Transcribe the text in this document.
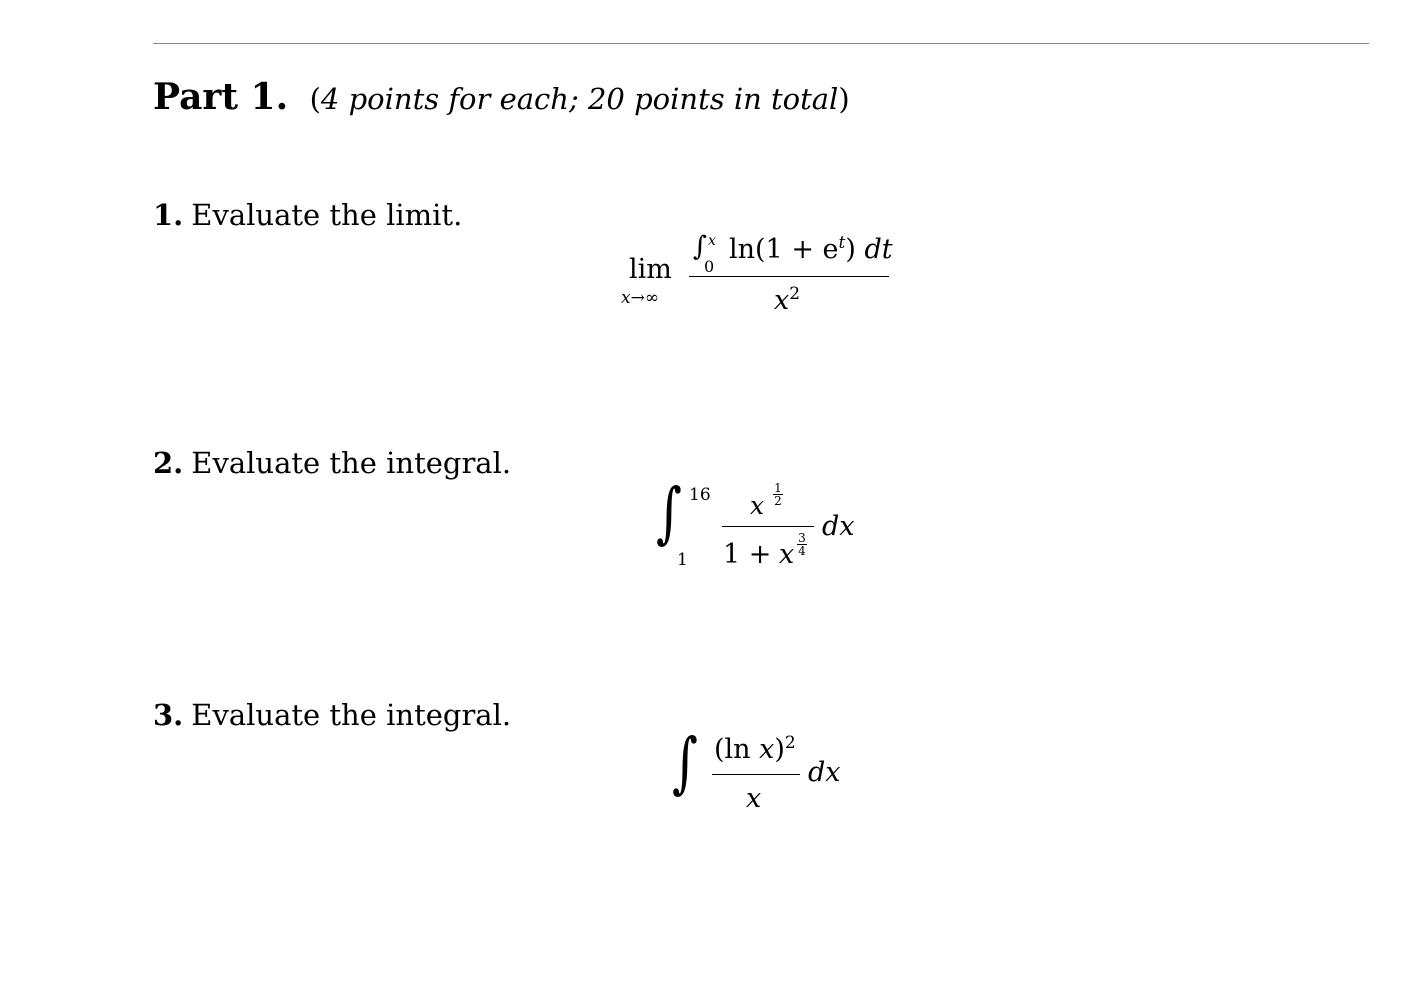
Part 1. (4 points for each; 20 points in total)
1. Evaluate the limit.
lim
x→∞
∫ x
0
$\ln(1 + e^t)$ dt
$x^2$
2. Evaluate the integral.
∫ 16
1
x
1

2
1 + x
3

4
dx
3. Evaluate the integral.
∫ (ln x)$^2$
x
dx
